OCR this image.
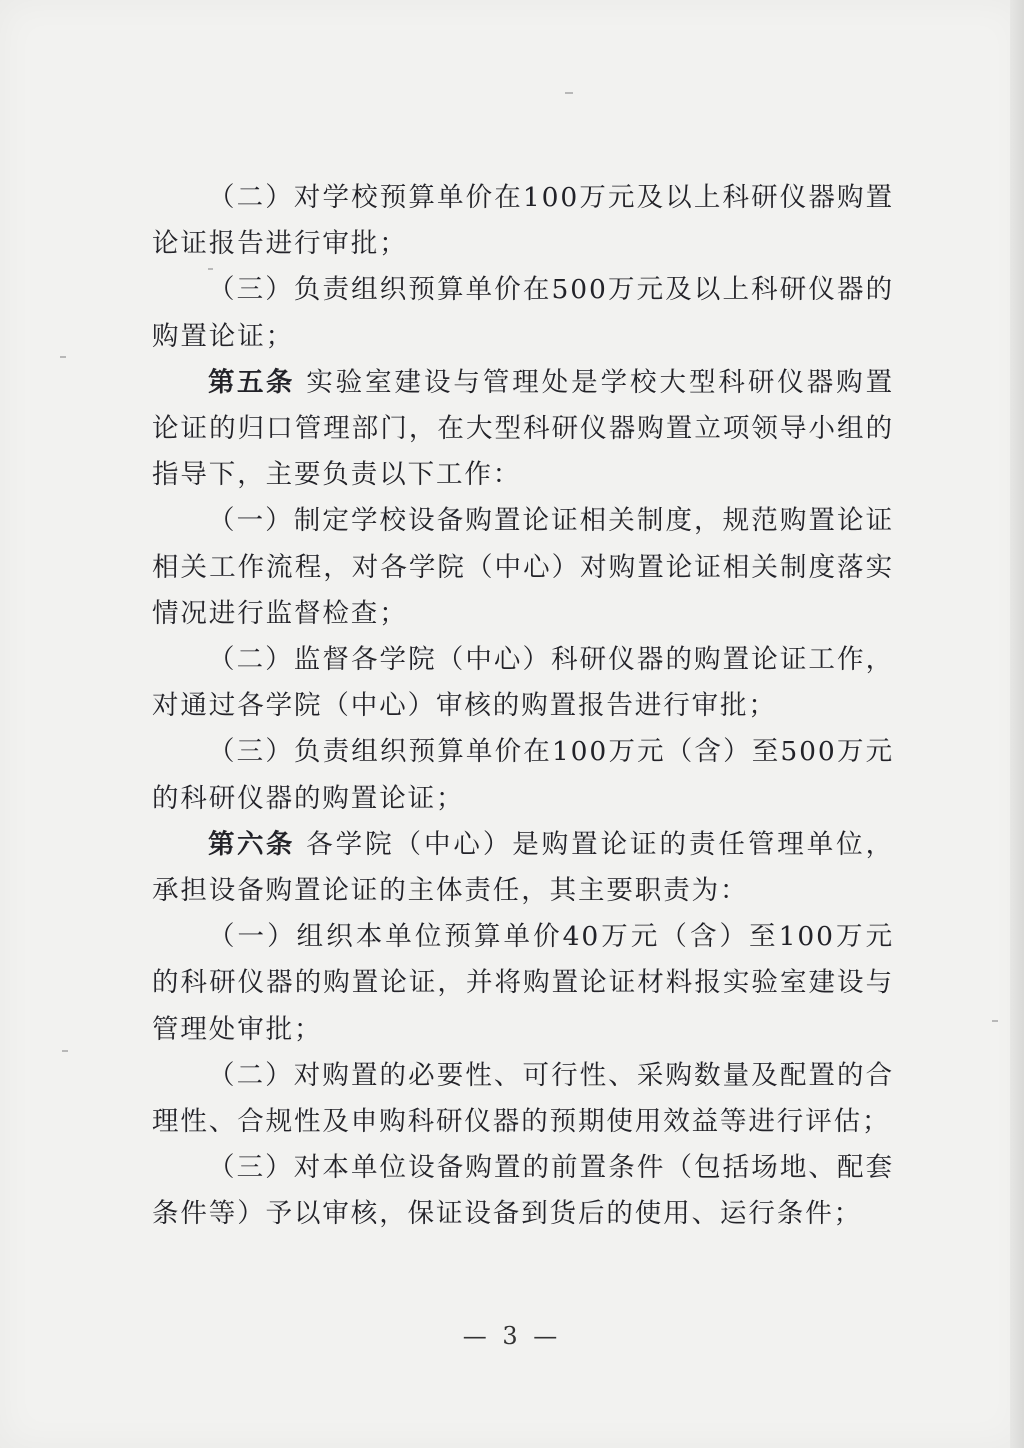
（二）对学校预算单价在100万元及以上科研仪器购置论证报告进行审批；

（三）负责组织预算单价在500万元及以上科研仪器的购置论证；

第五条 实验室建设与管理处是学校大型科研仪器购置论证的归口管理部门，在大型科研仪器购置立项领导小组的指导下，主要负责以下工作：

（一）制定学校设备购置论证相关制度，规范购置论证相关工作流程，对各学院（中心）对购置论证相关制度落实情况进行监督检查；

（二）监督各学院（中心）科研仪器的购置论证工作，对通过各学院（中心）审核的购置报告进行审批；

（三）负责组织预算单价在100万元（含）至500万元的科研仪器的购置论证；

第六条 各学院（中心）是购置论证的责任管理单位，承担设备购置论证的主体责任，其主要职责为：

（一）组织本单位预算单价40万元（含）至100万元的科研仪器的购置论证，并将购置论证材料报实验室建设与管理处审批；

（二）对购置的必要性、可行性、采购数量及配置的合理性、合规性及申购科研仪器的预期使用效益等进行评估；

（三）对本单位设备购置的前置条件（包括场地、配套条件等）予以审核，保证设备到货后的使用、运行条件；

— 3 —
